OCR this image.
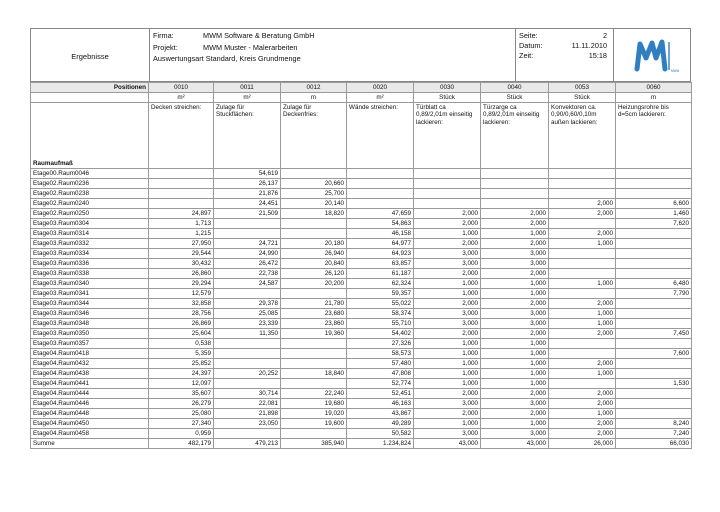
Ergebnisse
Firma:	MWM Software & Beratung GmbH
Projekt:	MWM Muster - Malerarbeiten
Auswertungsart Standard, Kreis Grundmenge
Seite:	2
Datum:	11.11.2010
Zeit:	15:18
MWM
Positionen	0010	0011	0012	0020	0030	0040	0053	0060
	m²	m²	m	m²	Stück	Stück	Stück	m
Raumaufmaß	Decken streichen:	Zulage für Stuckflächen:	Zulage für Deckenfries:	Wände streichen:	Türblatt ca 0,89/2,01m einseitig lackieren:	Türzarge ca 0,89/2,01m einseitig lackieren:	Konvektoren ca. 0,90/0,60/0,10m außen lackieren:	Heizungsrohre bis d=5cm lackieren:
Etage00.Raum0046		54,619						
Etage02.Raum0236		26,137	20,660					
Etage02.Raum0238		21,876	25,700					
Etage02.Raum0240		24,451	20,140				2,000	6,600
Etage02.Raum0250	24,897	21,509	18,820	47,659	2,000	2,000	2,000	1,460
Etage03.Raum0304	1,713			54,863	2,000	2,000		7,620
Etage03.Raum0314	1,215			46,158	1,000	1,000	2,000	
Etage03.Raum0332	27,950	24,721	20,180	64,977	2,000	2,000	1,000	
Etage03.Raum0334	29,544	24,990	26,940	64,923	3,000	3,000		
Etage03.Raum0336	30,432	26,472	20,840	63,857	3,000	3,000		
Etage03.Raum0338	26,860	22,738	26,120	61,187	2,000	2,000		
Etage03.Raum0340	29,294	24,587	20,200	62,324	1,000	1,000	1,000	6,480
Etage03.Raum0341	12,579			59,357	1,000	1,000		7,790
Etage03.Raum0344	32,858	29,378	21,780	55,022	2,000	2,000	2,000	
Etage03.Raum0346	28,756	25,085	23,680	58,374	3,000	3,000	1,000	
Etage03.Raum0348	26,869	23,339	23,860	55,710	3,000	3,000	1,000	
Etage03.Raum0350	25,604	11,350	19,360	54,402	2,000	2,000	2,000	7,450
Etage03.Raum0357	0,538			27,326	1,000	1,000		
Etage04.Raum0418	5,359			58,573	1,000	1,000		7,600
Etage04.Raum0432	25,852			57,480	1,000	1,000	2,000	
Etage04.Raum0438	24,397	20,252	18,840	47,808	1,000	1,000	1,000	
Etage04.Raum0441	12,097			52,774	1,000	1,000		1,530
Etage04.Raum0444	35,607	30,714	22,240	52,451	2,000	2,000	2,000	
Etage04.Raum0446	26,279	22,081	19,680	46,163	3,000	3,000	2,000	
Etage04.Raum0448	25,080	21,898	19,020	43,867	2,000	2,000	1,000	
Etage04.Raum0450	27,340	23,050	19,600	49,289	1,000	1,000	2,000	8,240
Etage04.Raum0458	0,959			50,582	3,000	3,000	2,000	7,240
Summe	482,179	479,213	385,940	1.234,824	43,000	43,000	26,000	66,030
